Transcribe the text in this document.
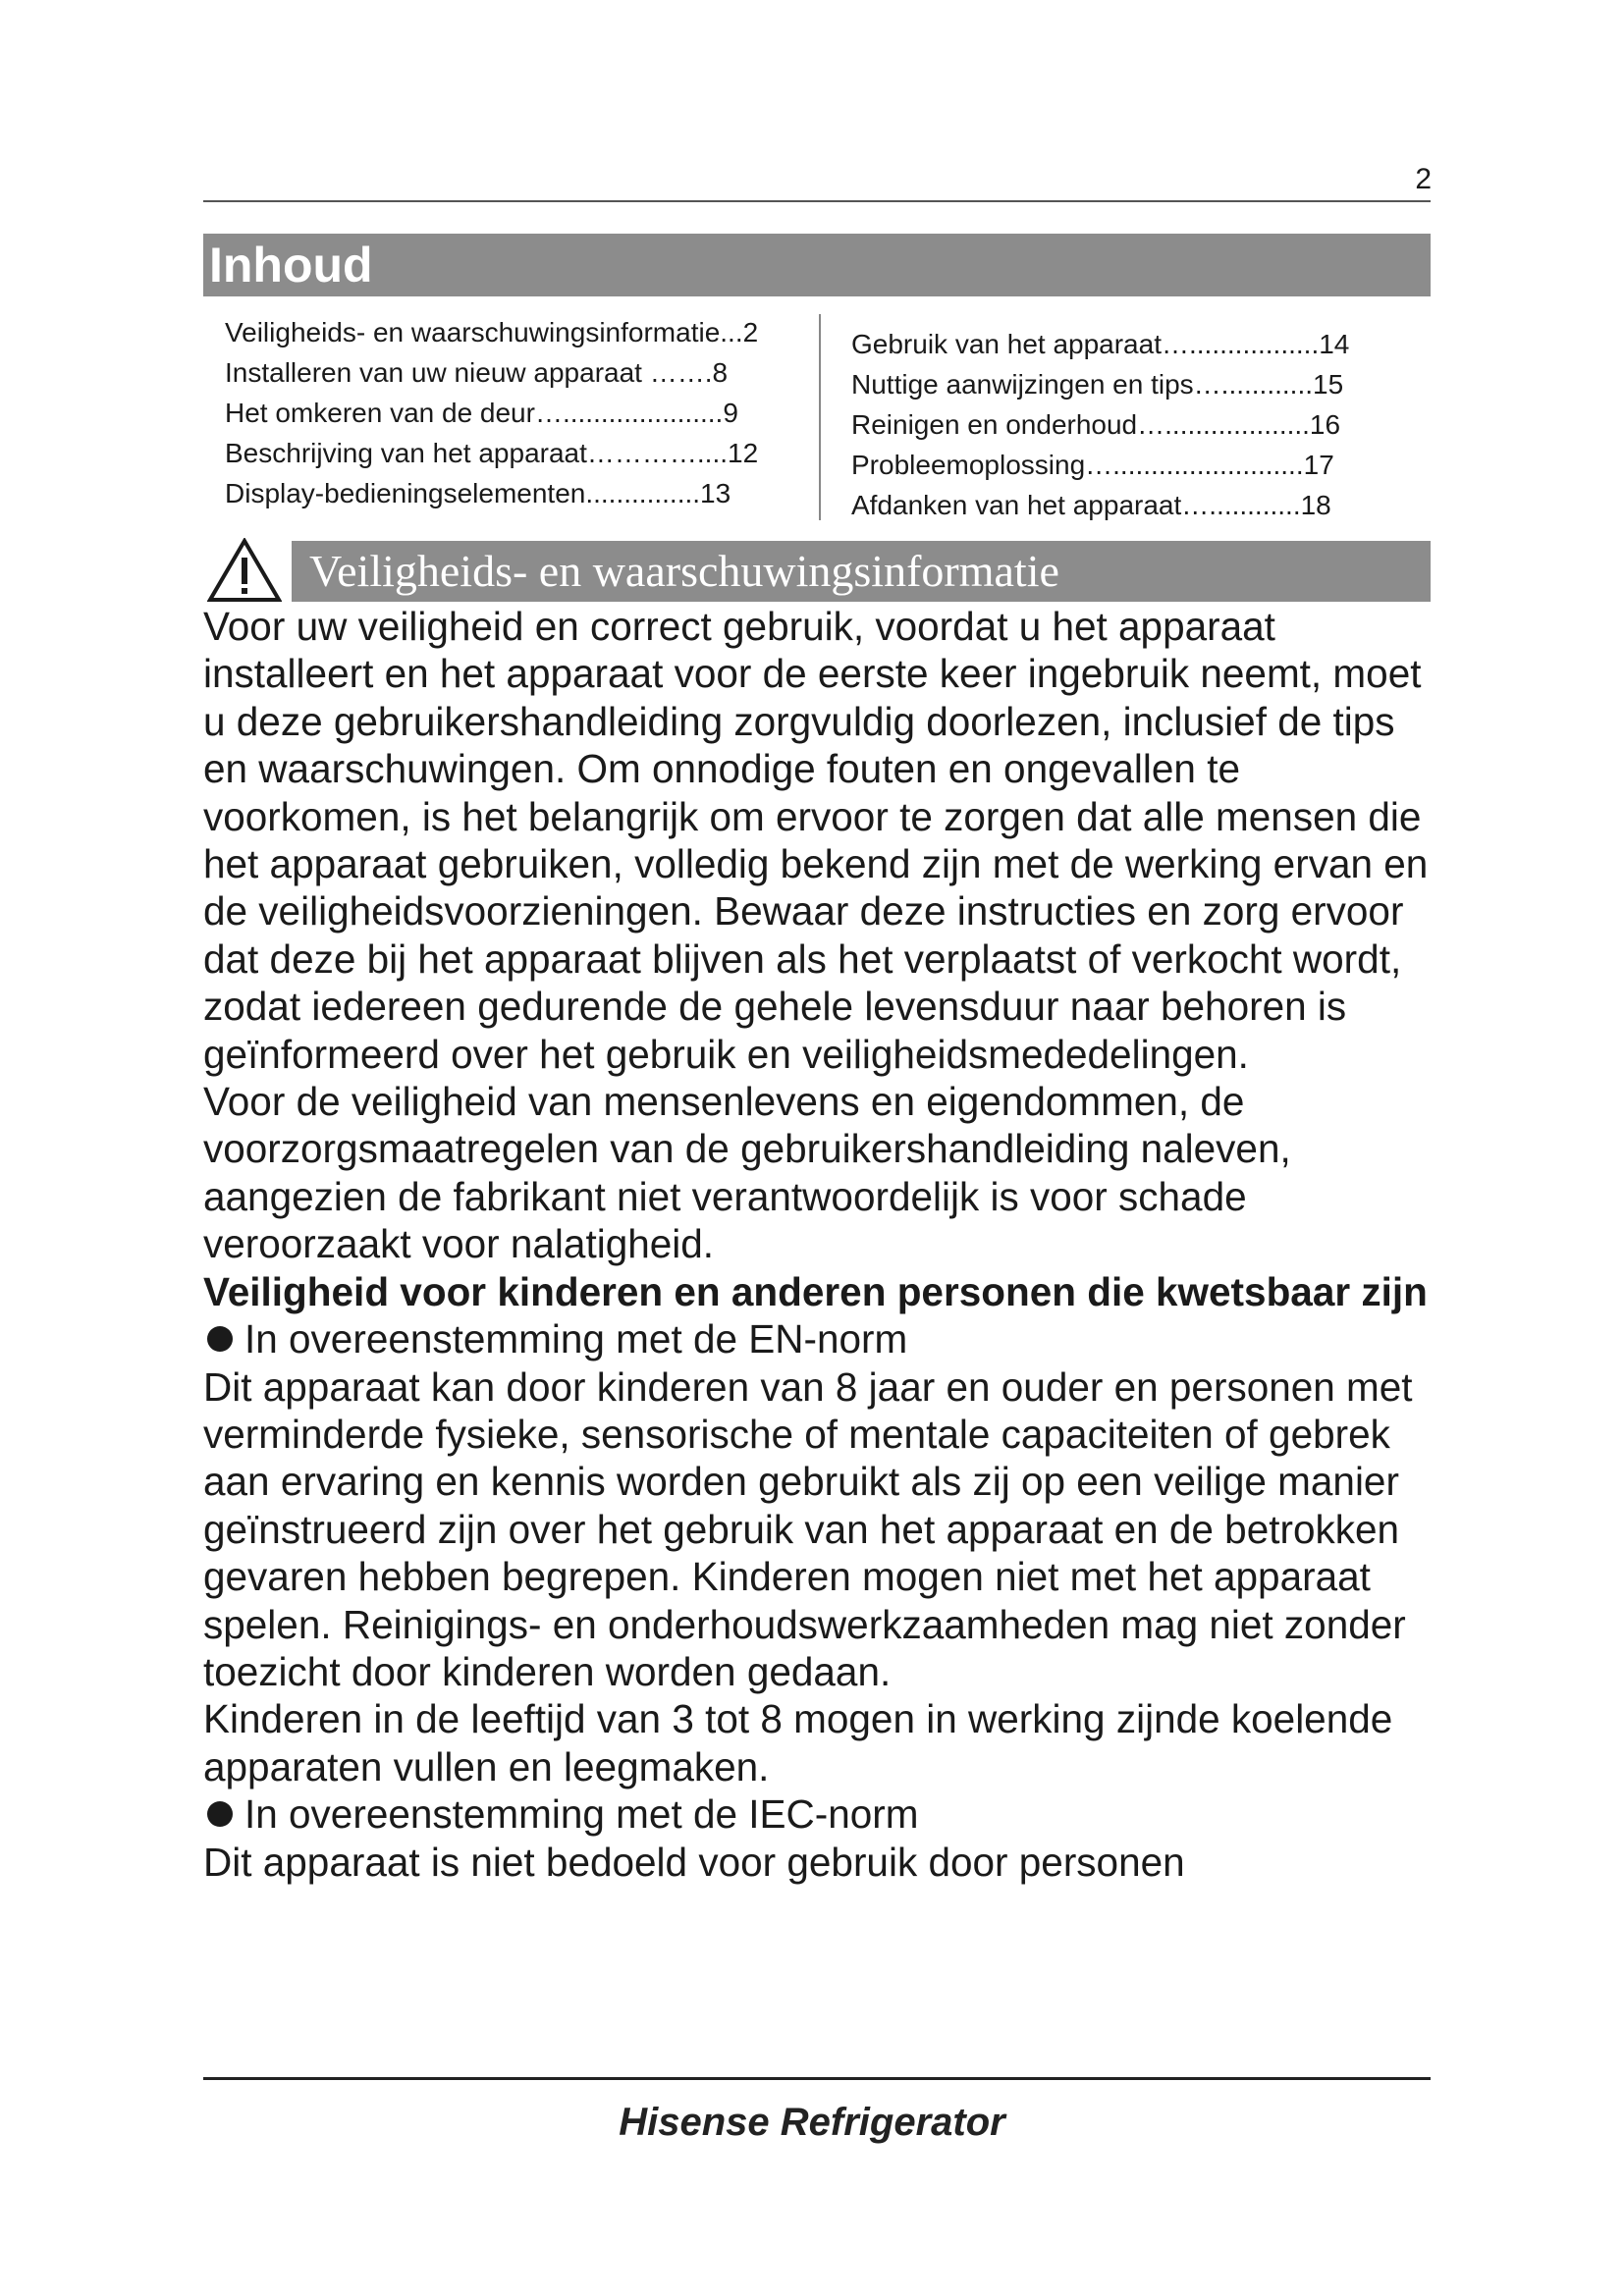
2
Inhoud
Veiligheids- en waarschuwingsinformatie...2
Installeren van uw nieuw apparaat …….8
Het omkeren van de deur….....................9
Beschrijving van het apparaat…………....12
Display-bedieningselementen...............13
Gebruik van het apparaat….................14
Nuttige aanwijzingen en tips…............15
Reinigen en onderhoud…...................16
Probleemoplossing….........................17
Afdanken van het apparaat…............18
Veiligheids- en waarschuwingsinformatie

Voor uw veiligheid en correct gebruik, voordat u het apparaat installeert en het apparaat voor de eerste keer ingebruik neemt, moet u deze gebruikershandleiding zorgvuldig doorlezen, inclusief de tips en waarschuwingen. Om onnodige fouten en ongevallen te voorkomen, is het belangrijk om ervoor te zorgen dat alle mensen die het apparaat gebruiken, volledig bekend zijn met de werking ervan en de veiligheidsvoorzieningen. Bewaar deze instructies en zorg ervoor dat deze bij het apparaat blijven als het verplaatst of verkocht wordt, zodat iedereen gedurende de gehele levensduur naar behoren is geïnformeerd over het gebruik en veiligheidsmededelingen.

Voor de veiligheid van mensenlevens en eigendommen, de voorzorgsmaatregelen van de gebruikershandleiding naleven, aangezien de fabrikant niet verantwoordelijk is voor schade veroorzaakt voor nalatigheid.

Veiligheid voor kinderen en anderen personen die kwetsbaar zijn

In overeenstemming met de EN-norm

Dit apparaat kan door kinderen van 8 jaar en ouder en personen met verminderde fysieke, sensorische of mentale capaciteiten of gebrek aan ervaring en kennis worden gebruikt als zij op een veilige manier geïnstrueerd zijn over het gebruik van het apparaat en de betrokken gevaren hebben begrepen. Kinderen mogen niet met het apparaat spelen. Reinigings- en onderhoudswerkzaamheden mag niet zonder toezicht door kinderen worden gedaan.

Kinderen in de leeftijd van 3 tot 8 mogen in werking zijnde koelende apparaten vullen en leegmaken.

In overeenstemming met de IEC-norm

Dit apparaat is niet bedoeld voor gebruik door personen

Hisense Refrigerator
